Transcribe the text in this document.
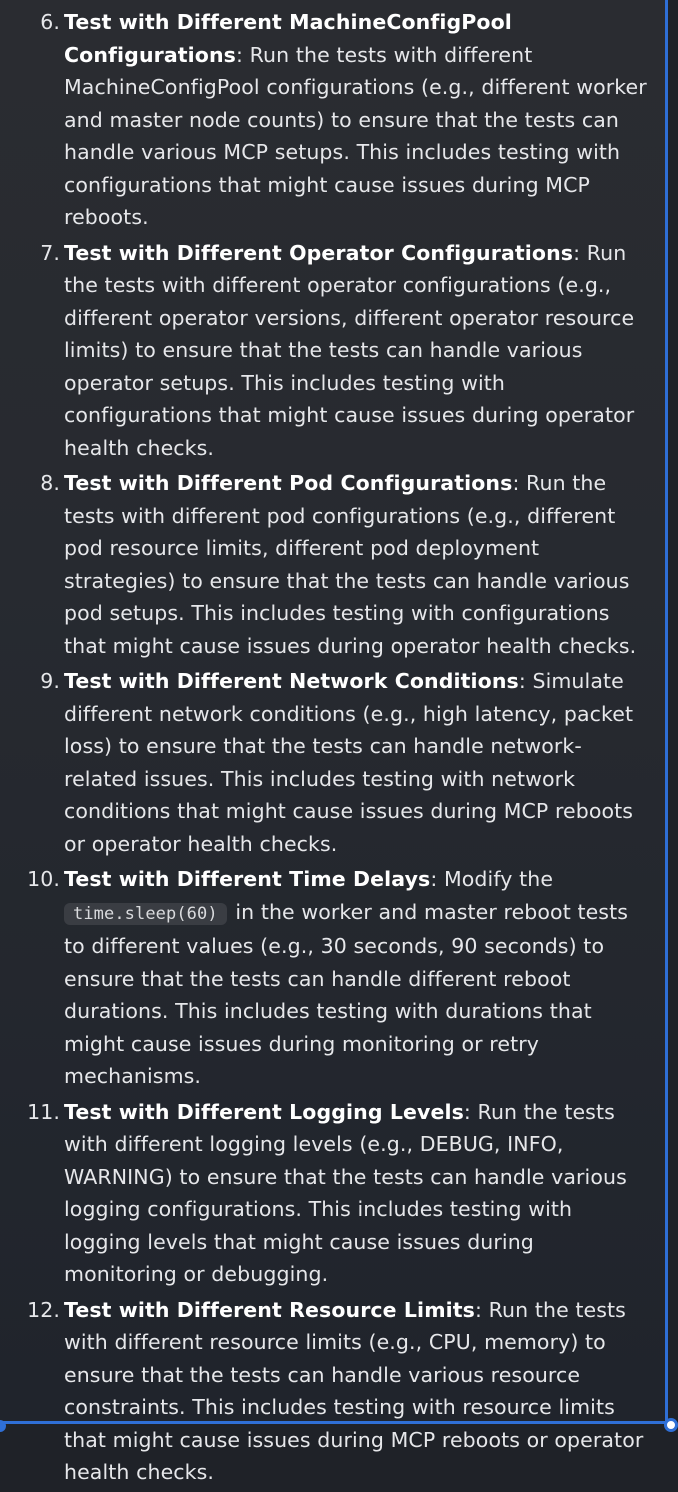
6. Test with Different MachineConfigPool Configurations: Run the tests with different MachineConfigPool configurations (e.g., different worker and master node counts) to ensure that the tests can handle various MCP setups. This includes testing with configurations that might cause issues during MCP reboots.
7. Test with Different Operator Configurations: Run the tests with different operator configurations (e.g., different operator versions, different operator resource limits) to ensure that the tests can handle various operator setups. This includes testing with configurations that might cause issues during operator health checks.
8. Test with Different Pod Configurations: Run the tests with different pod configurations (e.g., different pod resource limits, different pod deployment strategies) to ensure that the tests can handle various pod setups. This includes testing with configurations that might cause issues during operator health checks.
9. Test with Different Network Conditions: Simulate different network conditions (e.g., high latency, packet loss) to ensure that the tests can handle network-related issues. This includes testing with network conditions that might cause issues during MCP reboots or operator health checks.
10. Test with Different Time Delays: Modify the time.sleep(60) in the worker and master reboot tests to different values (e.g., 30 seconds, 90 seconds) to ensure that the tests can handle different reboot durations. This includes testing with durations that might cause issues during monitoring or retry mechanisms.
11. Test with Different Logging Levels: Run the tests with different logging levels (e.g., DEBUG, INFO, WARNING) to ensure that the tests can handle various logging configurations. This includes testing with logging levels that might cause issues during monitoring or debugging.
12. Test with Different Resource Limits: Run the tests with different resource limits (e.g., CPU, memory) to ensure that the tests can handle various resource constraints. This includes testing with resource limits that might cause issues during MCP reboots or operator health checks.
